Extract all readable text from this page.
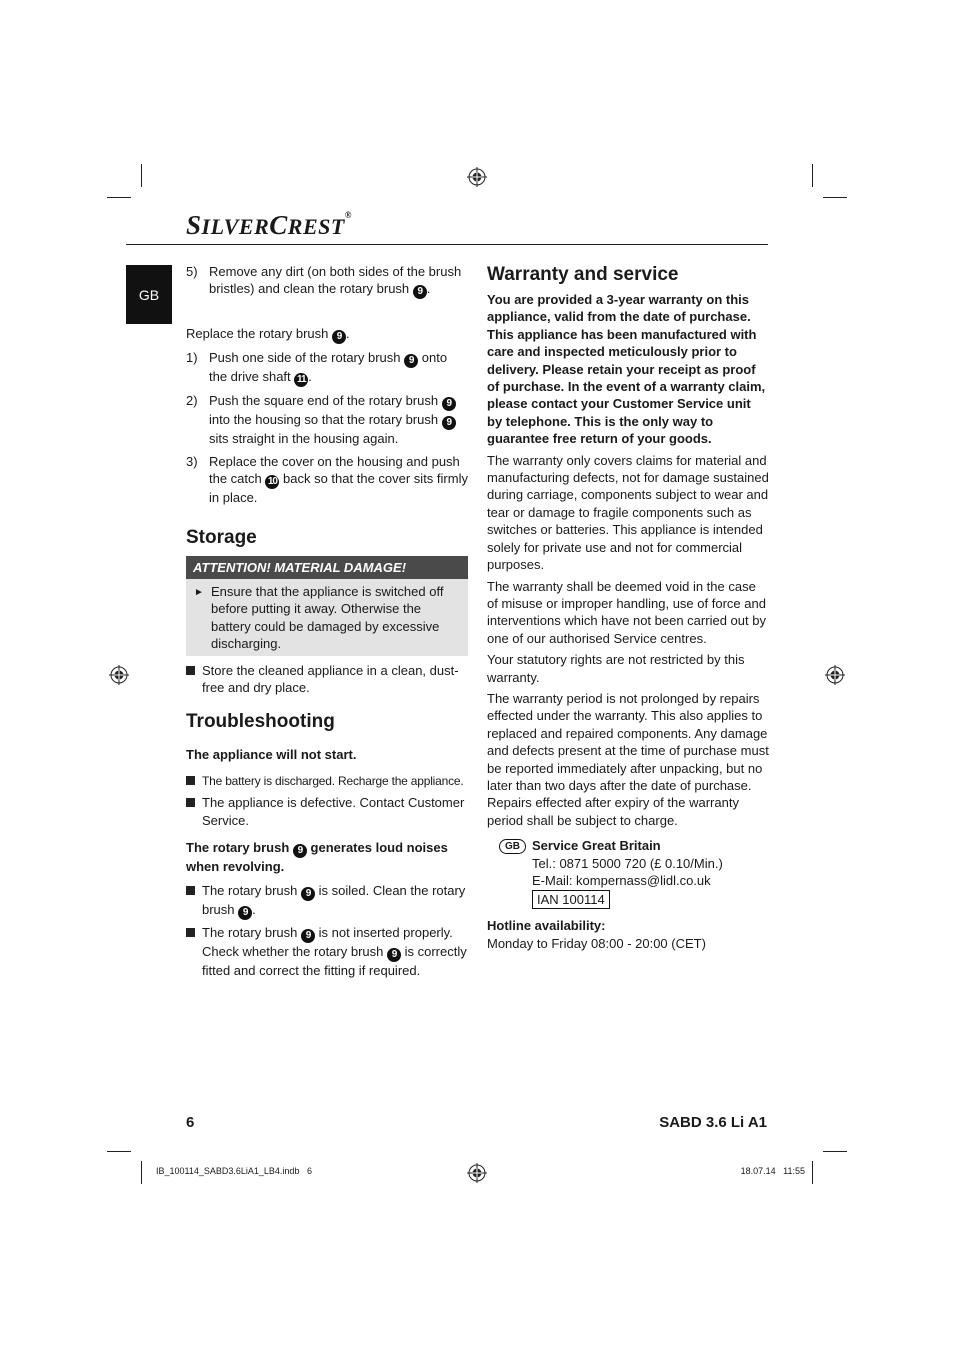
SILVERCREST®
GB
5) Remove any dirt (on both sides of the brush bristles) and clean the rotary brush 9 .

Replace the rotary brush 9 .

1) Push one side of the rotary brush 9 onto the drive shaft 11 .
2) Push the square end of the rotary brush 9 into the housing so that the rotary brush 9 sits straight in the housing again.
3) Replace the cover on the housing and push the catch 10 back so that the cover sits firmly in place.
Storage
ATTENTION! MATERIAL DAMAGE!
► Ensure that the appliance is switched off before putting it away. Otherwise the battery could be damaged by excessive discharging.
Store the cleaned appliance in a clean, dust-free and dry place.
Troubleshooting

The appliance will not start.

The battery is discharged. Recharge the appliance.
The appliance is defective. Contact Customer Service.

The rotary brush 9 generates loud noises when revolving.

The rotary brush 9 is soiled. Clean the rotary brush 9 .
The rotary brush 9 is not inserted properly. Check whether the rotary brush 9 is correctly fitted and correct the fitting if required.
Warranty and service

You are provided a 3-year warranty on this appliance, valid from the date of purchase. This appliance has been manufactured with care and inspected meticulously prior to delivery. Please retain your receipt as proof of purchase. In the event of a warranty claim, please contact your Customer Service unit by telephone. This is the only way to guarantee free return of your goods.

The warranty only covers claims for material and manufacturing defects, not for damage sustained during carriage, components subject to wear and tear or damage to fragile components such as switches or batteries. This appliance is intended solely for private use and not for commercial purposes.

The warranty shall be deemed void in the case of misuse or improper handling, use of force and interventions which have not been carried out by one of our authorised Service centres.

Your statutory rights are not restricted by this warranty.

The warranty period is not prolonged by repairs effected under the warranty. This also applies to replaced and repaired components. Any damage and defects present at the time of purchase must be reported immediately after unpacking, but no later than two days after the date of purchase. Repairs effected after expiry of the warranty period shall be subject to charge.

GB Service Great Britain
Tel.: 0871 5000 720 (£ 0.10/Min.)
E-Mail: kompernass@lidl.co.uk
IAN 100114

Hotline availability:

Monday to Friday 08:00 - 20:00 (CET)

6	SABD 3.6 Li A1
IB_100114_SABD3.6LiA1_LB4.indb   6	18.07.14   11:55
